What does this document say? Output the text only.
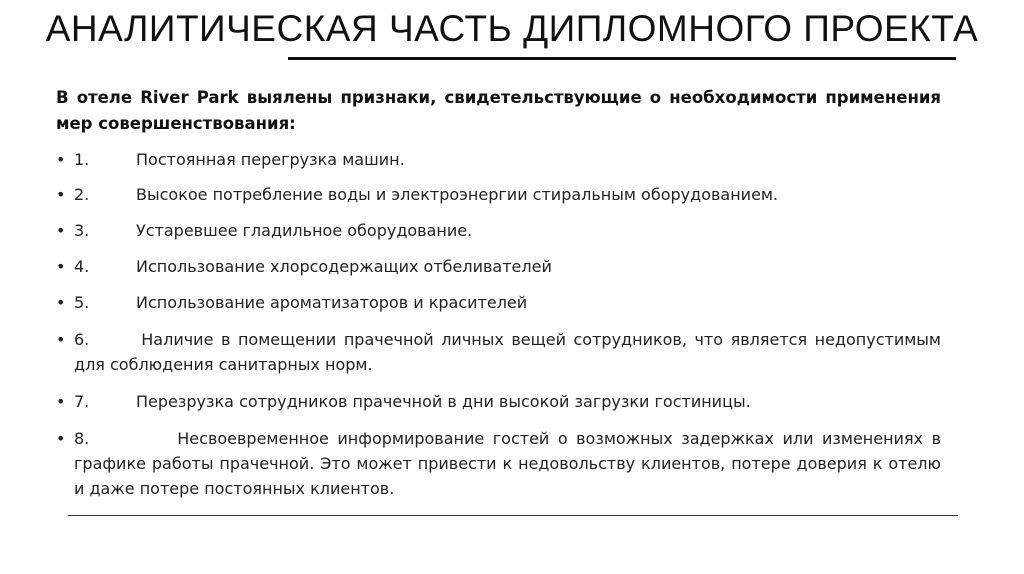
АНАЛИТИЧЕСКАЯ ЧАСТЬ ДИПЛОМНОГО ПРОЕКТА
В отеле River Park выялены признаки, свидетельствующие о необходимости применения мер совершенствования:
• 1.	Постоянная перегрузка машин.
• 2.	Высокое потребление воды и электроэнергии стиральным оборудованием.
• 3.	Устаревшее гладильное оборудование.
• 4.	Использование хлорсодержащих отбеливателей
• 5.	Использование ароматизаторов и красителей
• 6.	Наличие в помещении прачечной личных вещей сотрудников, что является недопустимым для соблюдения санитарных норм.
• 7.	Перезрузка сотрудников прачечной в дни высокой загрузки гостиницы.
• 8.	Несвоевременное информирование гостей о возможных задержках или изменениях в графике работы прачечной. Это может привести к недовольству клиентов, потере доверия к отелю и даже потере постоянных клиентов.
